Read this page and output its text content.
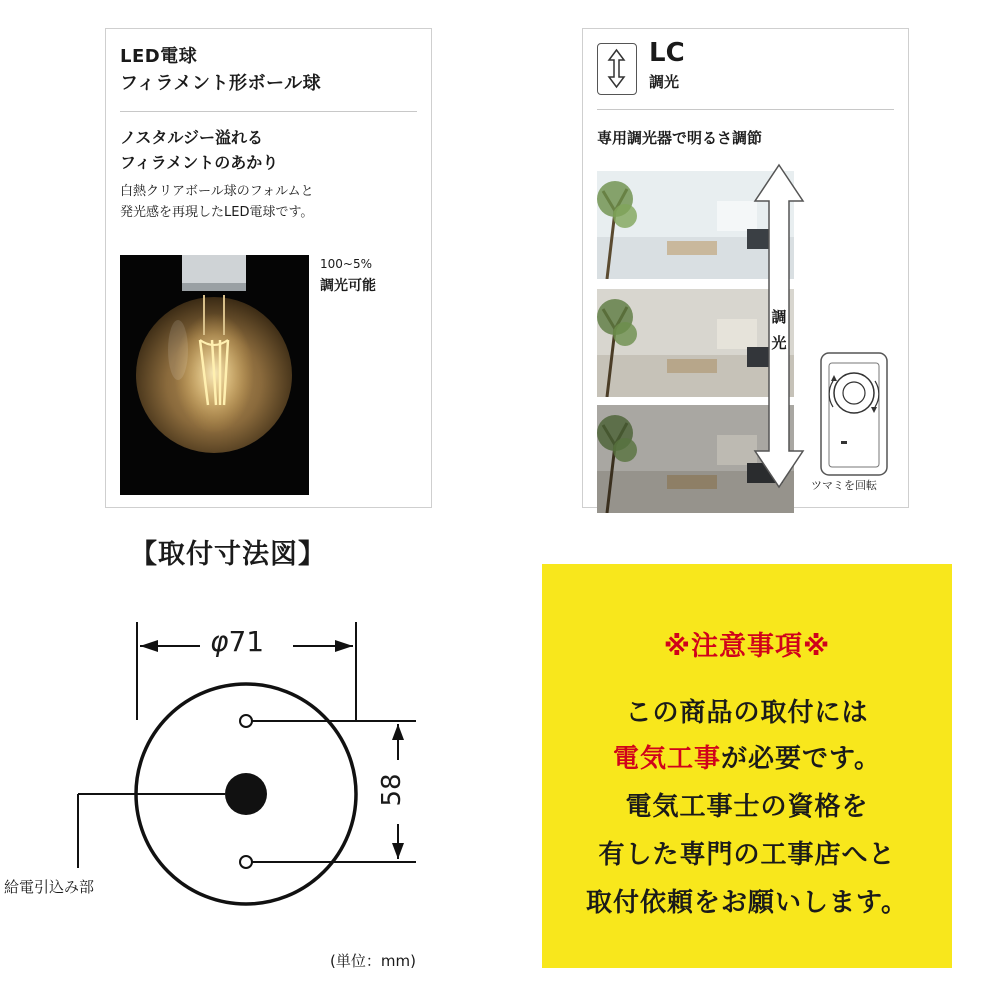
LED電球
フィラメント形ボール球
ノスタルジー溢れる
フィラメントのあかり
白熱クリアボール球のフォルムと
発光感を再現したLED電球です。
100~5%
調光可能
LC
調光
専用調光器で明るさ調節
調
光
ツマミを回転
【取付寸法図】
φ71
58
給電引込み部
(単位：mm)
※注意事項※
この商品の取付には
電気工事が必要です。
電気工事士の資格を
有した専門の工事店へと
取付依頼をお願いします。
